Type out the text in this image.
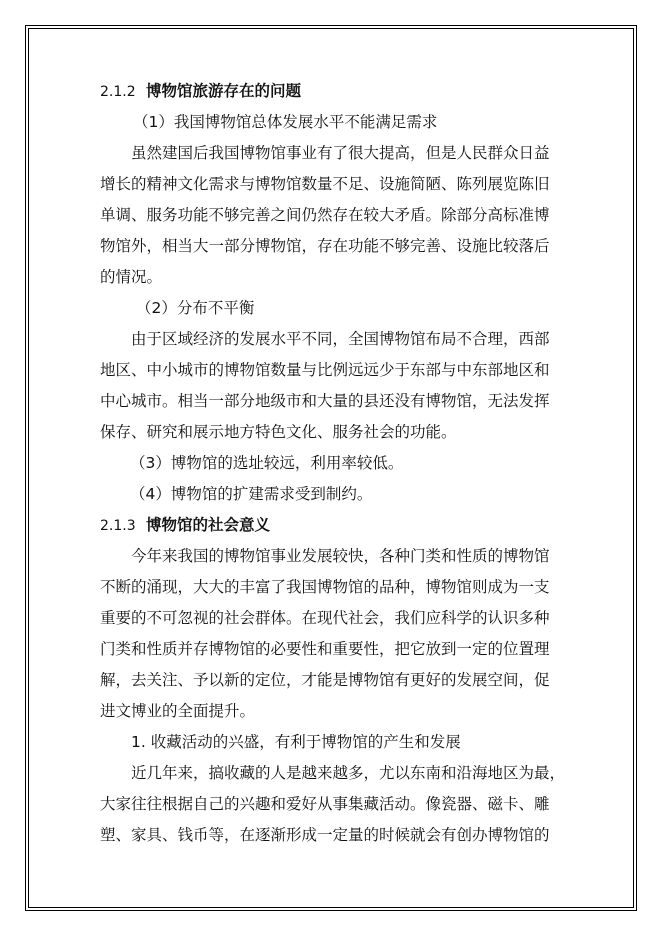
2.1.2 博物馆旅游存在的问题
（1）我国博物馆总体发展水平不能满足需求
虽然建国后我国博物馆事业有了很大提高，但是人民群众日益
增长的精神文化需求与博物馆数量不足、设施简陋、陈列展览陈旧
单调、服务功能不够完善之间仍然存在较大矛盾。除部分高标准博
物馆外，相当大一部分博物馆，存在功能不够完善、设施比较落后
的情况。
（2）分布不平衡
由于区域经济的发展水平不同，全国博物馆布局不合理，西部
地区、中小城市的博物馆数量与比例远远少于东部与中东部地区和
中心城市。相当一部分地级市和大量的县还没有博物馆，无法发挥
保存、研究和展示地方特色文化、服务社会的功能。
（3）博物馆的选址较远，利用率较低。
（4）博物馆的扩建需求受到制约。
2.1.3 博物馆的社会意义
今年来我国的博物馆事业发展较快，各种门类和性质的博物馆
不断的涌现，大大的丰富了我国博物馆的品种，博物馆则成为一支
重要的不可忽视的社会群体。在现代社会，我们应科学的认识多种
门类和性质并存博物馆的必要性和重要性，把它放到一定的位置理
解，去关注、予以新的定位，才能是博物馆有更好的发展空间，促
进文博业的全面提升。
1. 收藏活动的兴盛，有利于博物馆的产生和发展
近几年来，搞收藏的人是越来越多，尤以东南和沿海地区为最，
大家往往根据自己的兴趣和爱好从事集藏活动。像瓷器、磁卡、雕
塑、家具、钱币等，在逐渐形成一定量的时候就会有创办博物馆的
